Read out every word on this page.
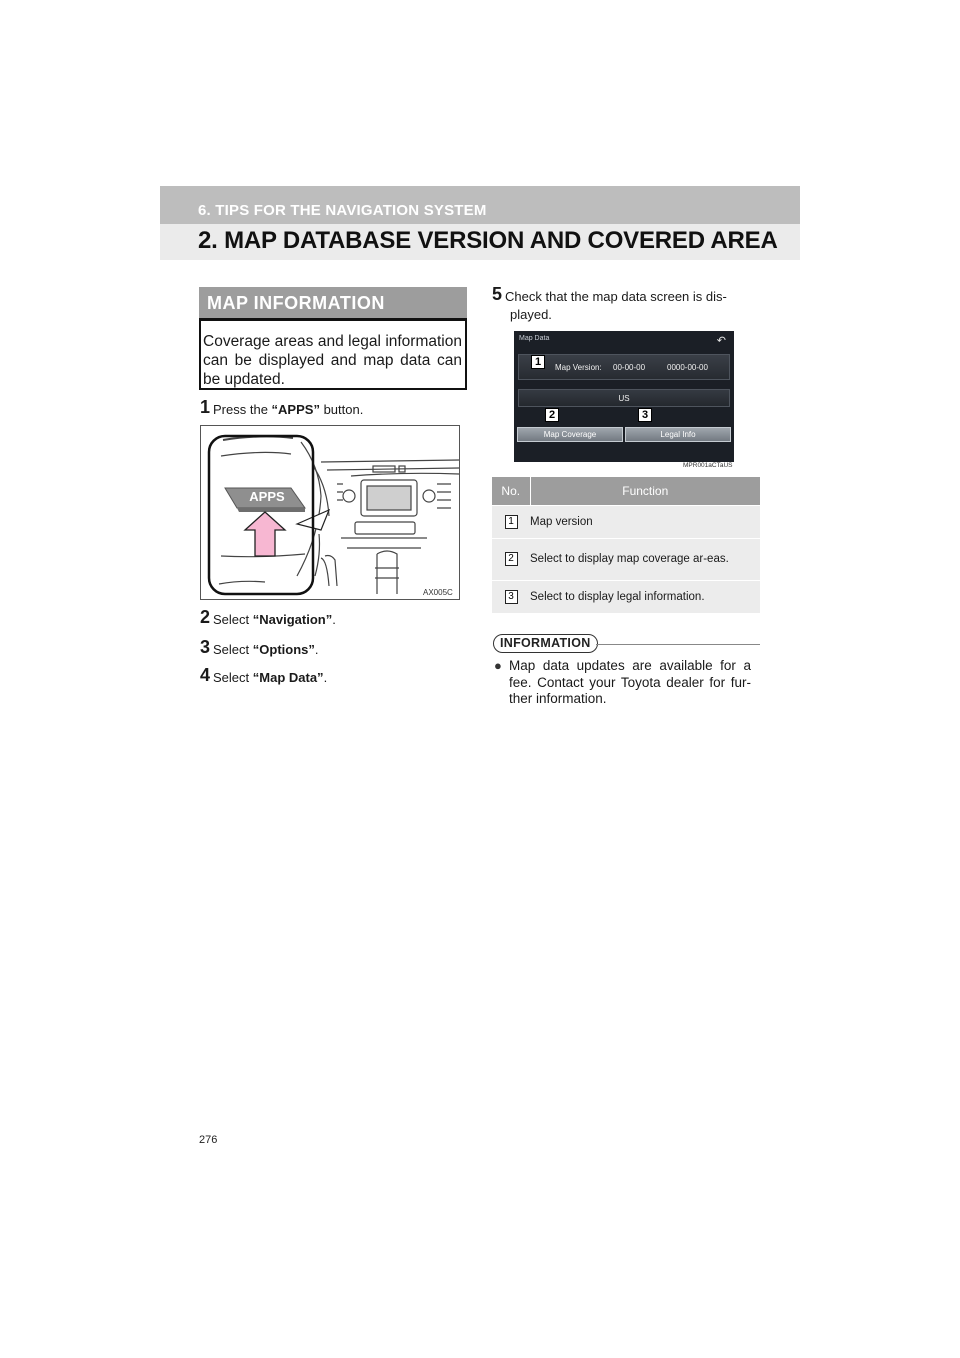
6. TIPS FOR THE NAVIGATION SYSTEM
2. MAP DATABASE VERSION AND COVERED AREA
MAP INFORMATION
Coverage areas and legal information can be displayed and map data can be updated.
1 Press the “APPS” button.
APPS
AX005C
2 Select “Navigation”.
3 Select “Options”.
4 Select “Map Data”.
5 Check that the map data screen is dis-
played.
Map Data	↶
Map Version: 00-00-00	0000-00-00
US
Map Coverage	Legal Info
1
2	3
MPR001aCTaUS
No.	Function
1	Map version
2	Select to display map coverage ar-eas.
3	Select to display legal information.
INFORMATION
● Map data updates are available for a fee. Contact your Toyota dealer for fur-ther information.
276
